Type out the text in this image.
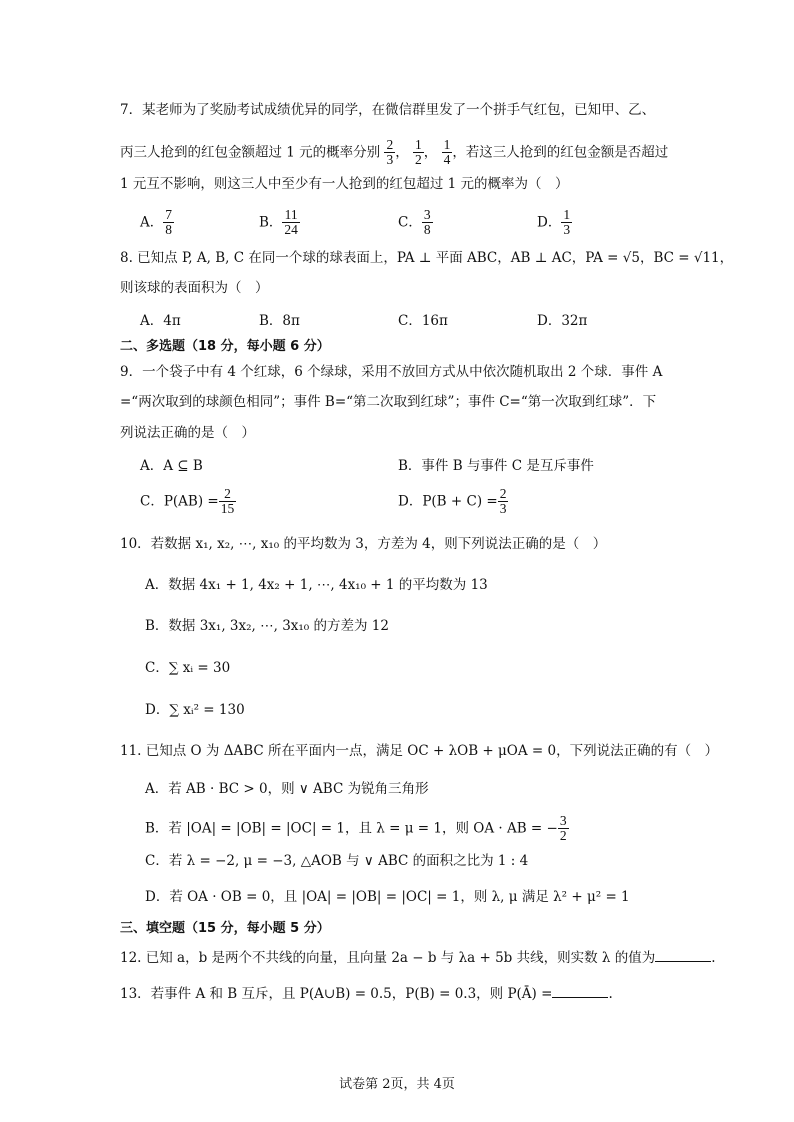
7．某老师为了奖励考试成绩优异的同学，在微信群里发了一个拼手气红包，已知甲、乙、
丙三人抢到的红包金额超过 1 元的概率分别 $\frac{2}{3}$ ， $\frac{1}{2}$ ， $\frac{1}{4}$ ，若这三人抢到的红包金额是否超过
1 元互不影响，则这三人中至少有一人抢到的红包超过 1 元的概率为（　）
A． $\frac{7}{8}$	B． $\frac{11}{24}$	C． $\frac{3}{8}$	D． $\frac{1}{3}$
8. 已知点 P, A, B, C 在同一个球的球表面上，PA ⊥ 平面 ABC，AB ⊥ AC，PA = √5，BC = √11，
则该球的表面积为（　）
A．4π	B．8π	C．16π	D．32π
二、多选题（18 分，每小题 6 分）
9．一个袋子中有 4 个红球，6 个绿球，采用不放回方式从中依次随机取出 2 个球．事件 A
=“两次取到的球颜色相同”；事件 B=“第二次取到红球”；事件 C=“第一次取到红球”．下
列说法正确的是（　）
A．A ⊆ B	B．事件 B 与事件 C 是互斥事件
C．$P(AB) = \frac{2}{15}$	D．$P(B + C) = \frac{2}{3}$
10．若数据 x₁, x₂, ⋯, x₁₀ 的平均数为 3，方差为 4，则下列说法正确的是（　）
A．数据 4x₁ + 1, 4x₂ + 1, ⋯, 4x₁₀ + 1 的平均数为 13
B．数据 3x₁, 3x₂, ⋯, 3x₁₀ 的方差为 12
C．∑ xᵢ = 30
D．∑ xᵢ² = 130
11. 已知点 O 为 ΔABC 所在平面内一点，满足 OC + λOB + μOA = 0，下列说法正确的有（　）
A．若 AB · BC > 0，则 ∨ ABC 为锐角三角形
B．若 |OA| = |OB| = |OC| = 1，且 λ = μ = 1，则 OA · AB = − $\frac{3}{2}$
C．若 λ = −2, μ = −3, △AOB 与 ∨ ABC 的面积之比为 1 : 4
D．若 OA · OB = 0，且 |OA| = |OB| = |OC| = 1，则 λ, μ 满足 λ² + μ² = 1
三、填空题（15 分，每小题 5 分）
12. 已知 a，b 是两个不共线的向量，且向量 2a − b 与 λa + 5b 共线，则实数 λ 的值为	.
13．若事件 A 和 B 互斥，且 P(A∪B) = 0.5，P(B) = 0.3，则 P(Ā) =	.
试卷第 2页，共 4页
